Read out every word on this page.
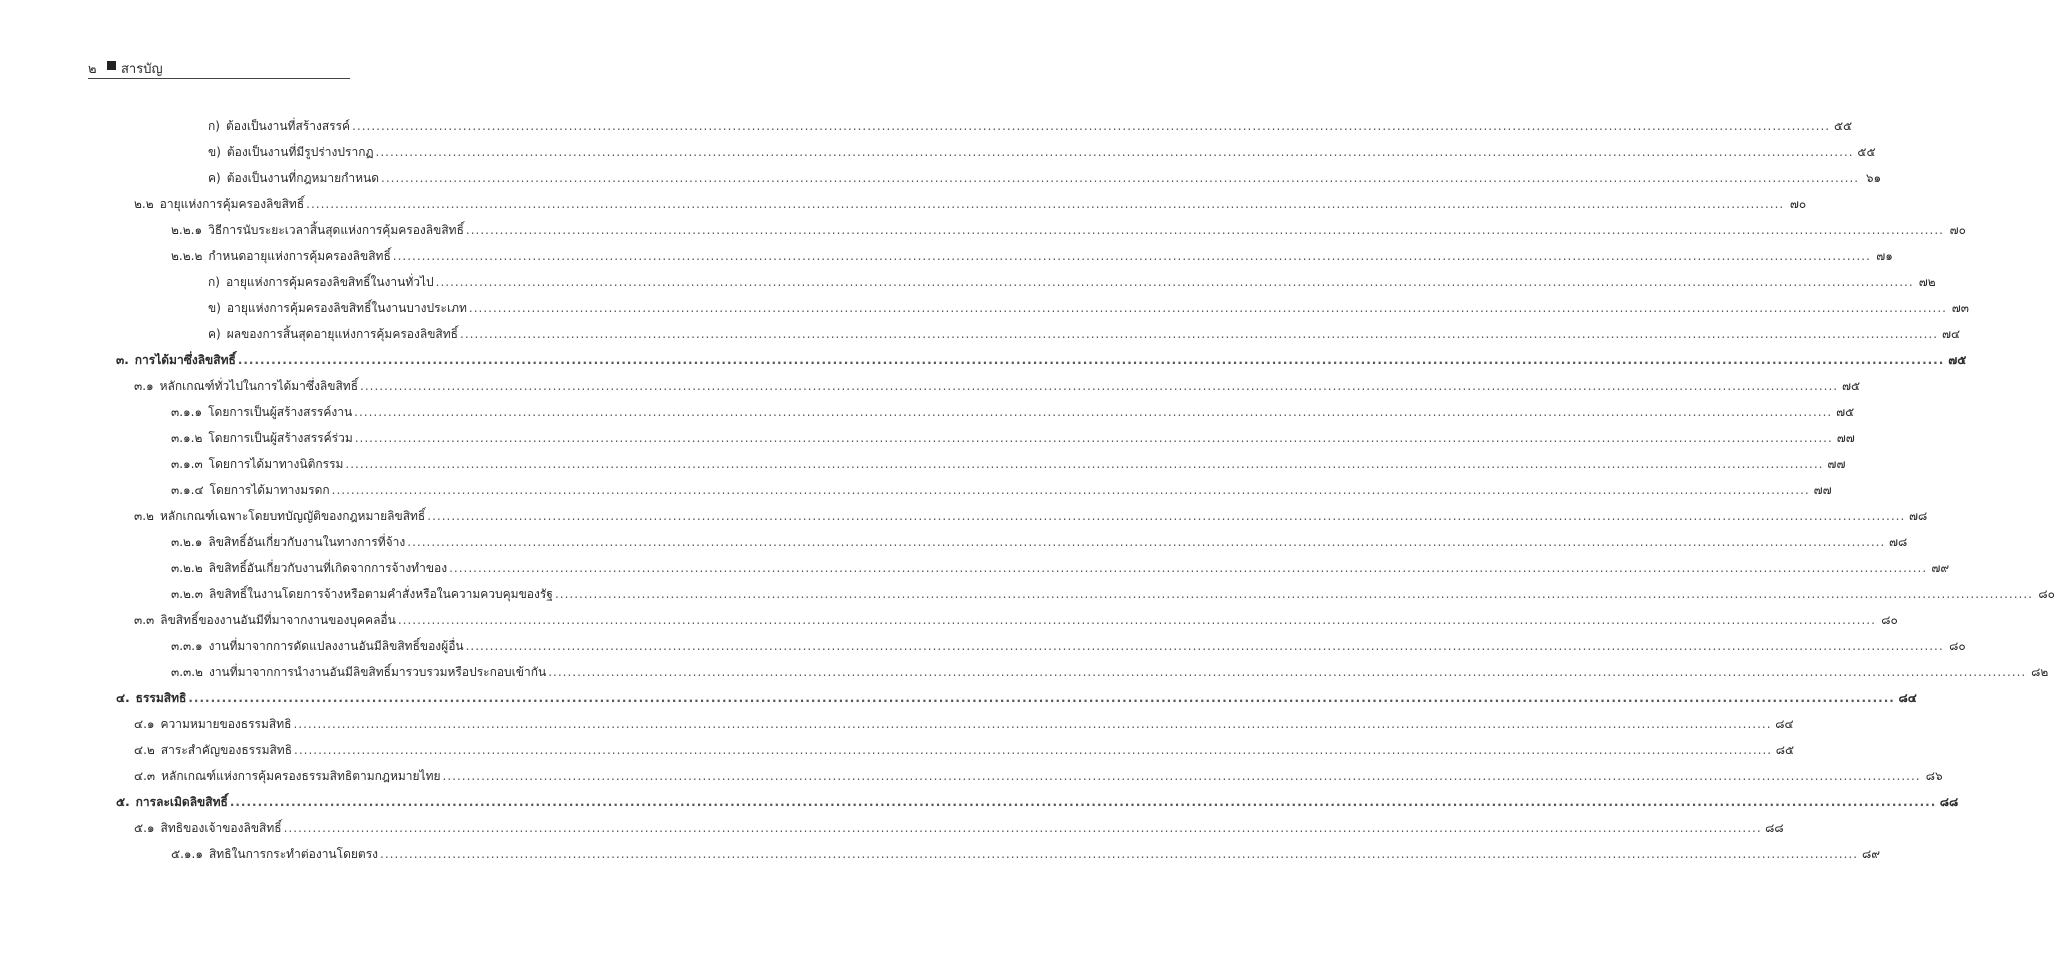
๒ สารบัญ
ก) ต้องเป็นงานที่สร้างสรรค์ .....	๕๕
ข) ต้องเป็นงานที่มีรูปร่างปรากฏ .....	๕๕
ค) ต้องเป็นงานที่กฎหมายกำหนด .....	๖๑
๒.๒ อายุแห่งการคุ้มครองลิขสิทธิ์ .....	๗๐
๒.๒.๑ วิธีการนับระยะเวลาสิ้นสุดแห่งการคุ้มครองลิขสิทธิ์ .....	๗๐
๒.๒.๒ กำหนดอายุแห่งการคุ้มครองลิขสิทธิ์ .....	๗๑
ก) อายุแห่งการคุ้มครองลิขสิทธิ์ในงานทั่วไป .....	๗๒
ข) อายุแห่งการคุ้มครองลิขสิทธิ์ในงานบางประเภท .....	๗๓
ค) ผลของการสิ้นสุดอายุแห่งการคุ้มครองลิขสิทธิ์ .....	๗๔
๓. การได้มาซึ่งลิขสิทธิ์ .....	๗๕
๓.๑ หลักเกณฑ์ทั่วไปในการได้มาซึ่งลิขสิทธิ์ .....	๗๕
๓.๑.๑ โดยการเป็นผู้สร้างสรรค์งาน .....	๗๕
๓.๑.๒ โดยการเป็นผู้สร้างสรรค์ร่วม .....	๗๗
๓.๑.๓ โดยการได้มาทางนิติกรรม .....	๗๗
๓.๑.๔ โดยการได้มาทางมรดก .....	๗๗
๓.๒ หลักเกณฑ์เฉพาะโดยบทบัญญัติของกฎหมายลิขสิทธิ์ .....	๗๘
๓.๒.๑ ลิขสิทธิ์อันเกี่ยวกับงานในทางการที่จ้าง .....	๗๘
๓.๒.๒ ลิขสิทธิ์อันเกี่ยวกับงานที่เกิดจากการจ้างทำของ .....	๗๙
๓.๒.๓ ลิขสิทธิ์ในงานโดยการจ้างหรือตามคำสั่งหรือในความควบคุมของรัฐ .....	๘๐
๓.๓ ลิขสิทธิ์ของงานอันมีที่มาจากงานของบุคคลอื่น .....	๘๐
๓.๓.๑ งานที่มาจากการดัดแปลงงานอันมีลิขสิทธิ์ของผู้อื่น .....	๘๐
๓.๓.๒ งานที่มาจากการนำงานอันมีลิขสิทธิ์มารวบรวมหรือประกอบเข้ากัน .....	๘๒
๔. ธรรมสิทธิ .....	๘๔
๔.๑ ความหมายของธรรมสิทธิ .....	๘๔
๔.๒ สาระสำคัญของธรรมสิทธิ .....	๘๕
๔.๓ หลักเกณฑ์แห่งการคุ้มครองธรรมสิทธิตามกฎหมายไทย .....	๘๖
๕. การละเมิดลิขสิทธิ์ .....	๘๘
๕.๑ สิทธิของเจ้าของลิขสิทธิ์ .....	๘๘
๕.๑.๑ สิทธิในการกระทำต่องานโดยตรง .....	๘๙
